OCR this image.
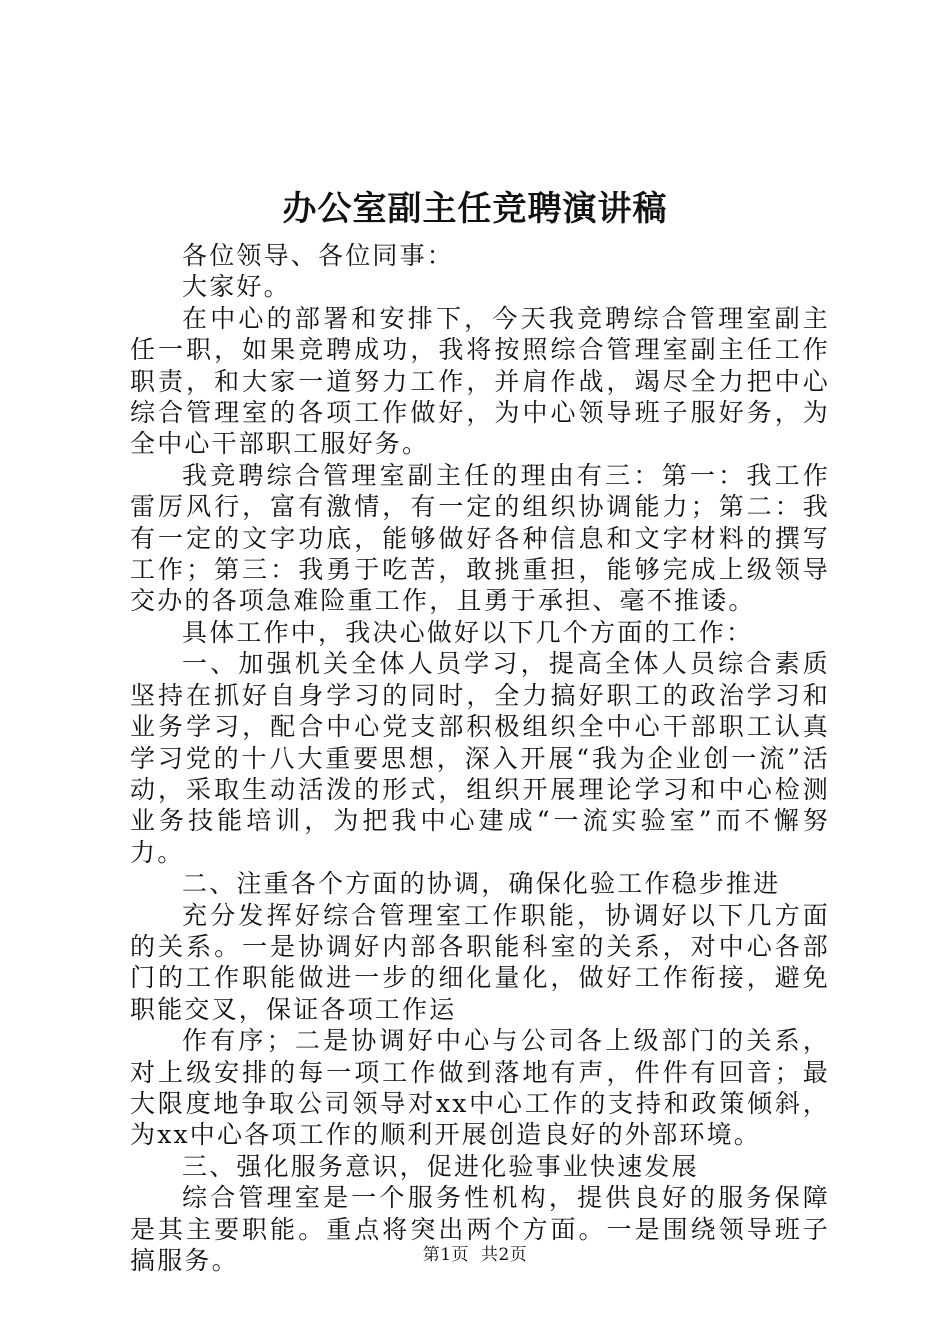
办公室副主任竞聘演讲稿

各位领导、各位同事：

大家好。

在中心的部署和安排下，今天我竞聘综合管理室副主任一职，如果竞聘成功，我将按照综合管理室副主任工作职责，和大家一道努力工作，并肩作战，竭尽全力把中心综合管理室的各项工作做好，为中心领导班子服好务，为全中心干部职工服好务。

我竞聘综合管理室副主任的理由有三：第一：我工作雷厉风行，富有激情，有一定的组织协调能力；第二：我有一定的文字功底，能够做好各种信息和文字材料的撰写工作；第三：我勇于吃苦，敢挑重担，能够完成上级领导交办的各项急难险重工作，且勇于承担、毫不推诿。

具体工作中，我决心做好以下几个方面的工作：

一、加强机关全体人员学习，提高全体人员综合素质坚持在抓好自身学习的同时，全力搞好职工的政治学习和业务学习，配合中心党支部积极组织全中心干部职工认真学习党的十八大重要思想，深入开展“我为企业创一流”活动，采取生动活泼的形式，组织开展理论学习和中心检测业务技能培训，为把我中心建成“一流实验室”而不懈努力。

二、注重各个方面的协调，确保化验工作稳步推进

充分发挥好综合管理室工作职能，协调好以下几方面的关系。一是协调好内部各职能科室的关系，对中心各部门的工作职能做进一步的细化量化，做好工作衔接，避免职能交叉，保证各项工作运

作有序；二是协调好中心与公司各上级部门的关系，对上级安排的每一项工作做到落地有声，件件有回音；最大限度地争取公司领导对xx中心工作的支持和政策倾斜，为xx中心各项工作的顺利开展创造良好的外部环境。

三、强化服务意识，促进化验事业快速发展

综合管理室是一个服务性机构，提供良好的服务保障是其主要职能。重点将突出两个方面。一是围绕领导班子搞服务。	第1页 共2页
